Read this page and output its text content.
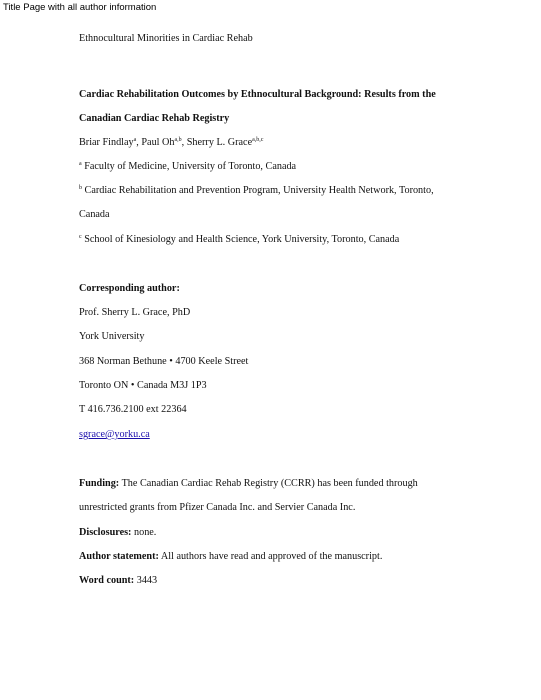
Title Page with all author information
Ethnocultural Minorities in Cardiac Rehab
Cardiac Rehabilitation Outcomes by Ethnocultural Background: Results from the
Canadian Cardiac Rehab Registry
Briar Findlay$^a$, Paul Oh$^{a,b}$, Sherry L. Grace$^{a,b,c}$
$^a$ Faculty of Medicine, University of Toronto, Canada
$^b$ Cardiac Rehabilitation and Prevention Program, University Health Network, Toronto,
Canada
$^c$ School of Kinesiology and Health Science, York University, Toronto, Canada
Corresponding author:
Prof. Sherry L. Grace, PhD
York University
368 Norman Bethune • 4700 Keele Street
Toronto ON • Canada M3J 1P3
T 416.736.2100 ext 22364
sgrace@yorku.ca
Funding: The Canadian Cardiac Rehab Registry (CCRR) has been funded through
unrestricted grants from Pfizer Canada Inc. and Servier Canada Inc.
Disclosures: none.
Author statement: All authors have read and approved of the manuscript.
Word count: 3443
